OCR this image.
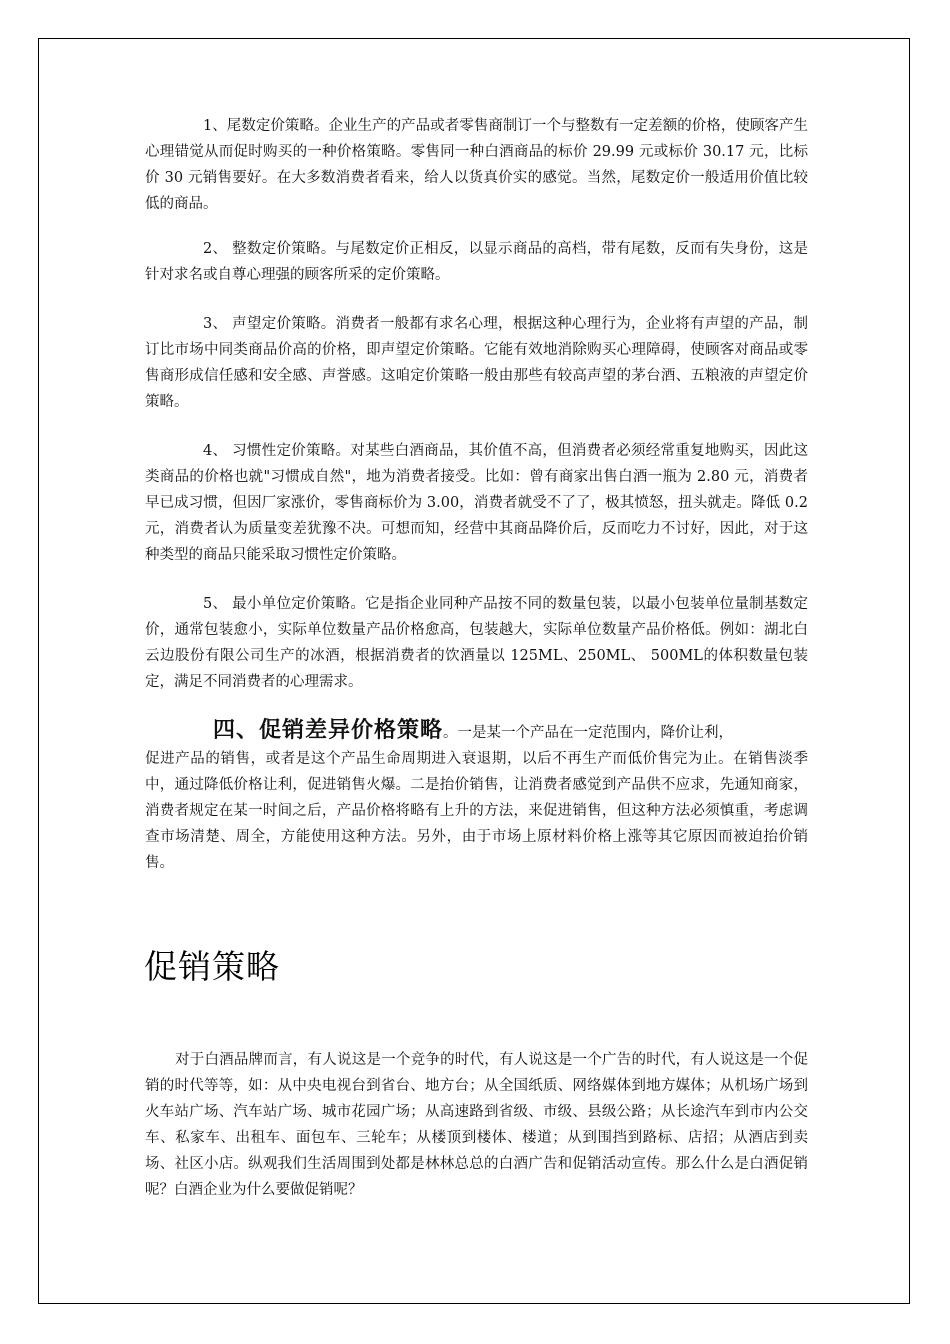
1、尾数定价策略。企业生产的产品或者零售商制订一个与整数有一定差额的价格，使顾客产生心理错觉从而促时购买的一种价格策略。零售同一种白酒商品的标价 29.99 元或标价 30.17 元，比标价 30 元销售要好。在大多数消费者看来，给人以货真价实的感觉。当然，尾数定价一般适用价值比较低的商品。

2、 整数定价策略。与尾数定价正相反，以显示商品的高档，带有尾数，反而有失身份，这是针对求名或自尊心理强的顾客所采的定价策略。

3、 声望定价策略。消费者一般都有求名心理，根据这种心理行为，企业将有声望的产品，制订比市场中同类商品价高的价格，即声望定价策略。它能有效地消除购买心理障碍，使顾客对商品或零售商形成信任感和安全感、声誉感。这咱定价策略一般由那些有较高声望的茅台酒、五粮液的声望定价策略。

4、 习惯性定价策略。对某些白酒商品，其价值不高，但消费者必须经常重复地购买，因此这类商品的价格也就"习惯成自然"，地为消费者接受。比如：曾有商家出售白酒一瓶为 2.80 元，消费者早已成习惯，但因厂家涨价，零售商标价为 3.00，消费者就受不了了，极其愤怒，扭头就走。降低 0.2 元，消费者认为质量变差犹豫不决。可想而知，经营中其商品降价后，反而吃力不讨好，因此，对于这种类型的商品只能采取习惯性定价策略。

5、 最小单位定价策略。它是指企业同种产品按不同的数量包装，以最小包装单位量制基数定价，通常包装愈小，实际单位数量产品价格愈高，包装越大，实际单位数量产品价格低。例如：湖北白云边股份有限公司生产的冰酒，根据消费者的饮酒量以 125ML、250ML、 500ML的体积数量包装定，满足不同消费者的心理需求。

四、促销差异价格策略。一是某一个产品在一定范围内，降价让利，

促进产品的销售，或者是这个产品生命周期进入衰退期，以后不再生产而低价售完为止。在销售淡季中，通过降低价格让利，促进销售火爆。二是抬价销售，让消费者感觉到产品供不应求，先通知商家，消费者规定在某一时间之后，产品价格将略有上升的方法，来促进销售，但这种方法必须慎重，考虑调查市场清楚、周全，方能使用这种方法。另外，由于市场上原材料价格上涨等其它原因而被迫抬价销售。

促销策略

对于白酒品牌而言，有人说这是一个竞争的时代，有人说这是一个广告的时代，有人说这是一个促销的时代等等，如：从中央电视台到省台、地方台；从全国纸质、网络媒体到地方媒体；从机场广场到火车站广场、汽车站广场、城市花园广场；从高速路到省级、市级、县级公路；从长途汽车到市内公交车、私家车、出租车、面包车、三轮车；从楼顶到楼体、楼道；从到围挡到路标、店招；从酒店到卖场、社区小店。纵观我们生活周围到处都是林林总总的白酒广告和促销活动宣传。那么什么是白酒促销呢？白酒企业为什么要做促销呢？
